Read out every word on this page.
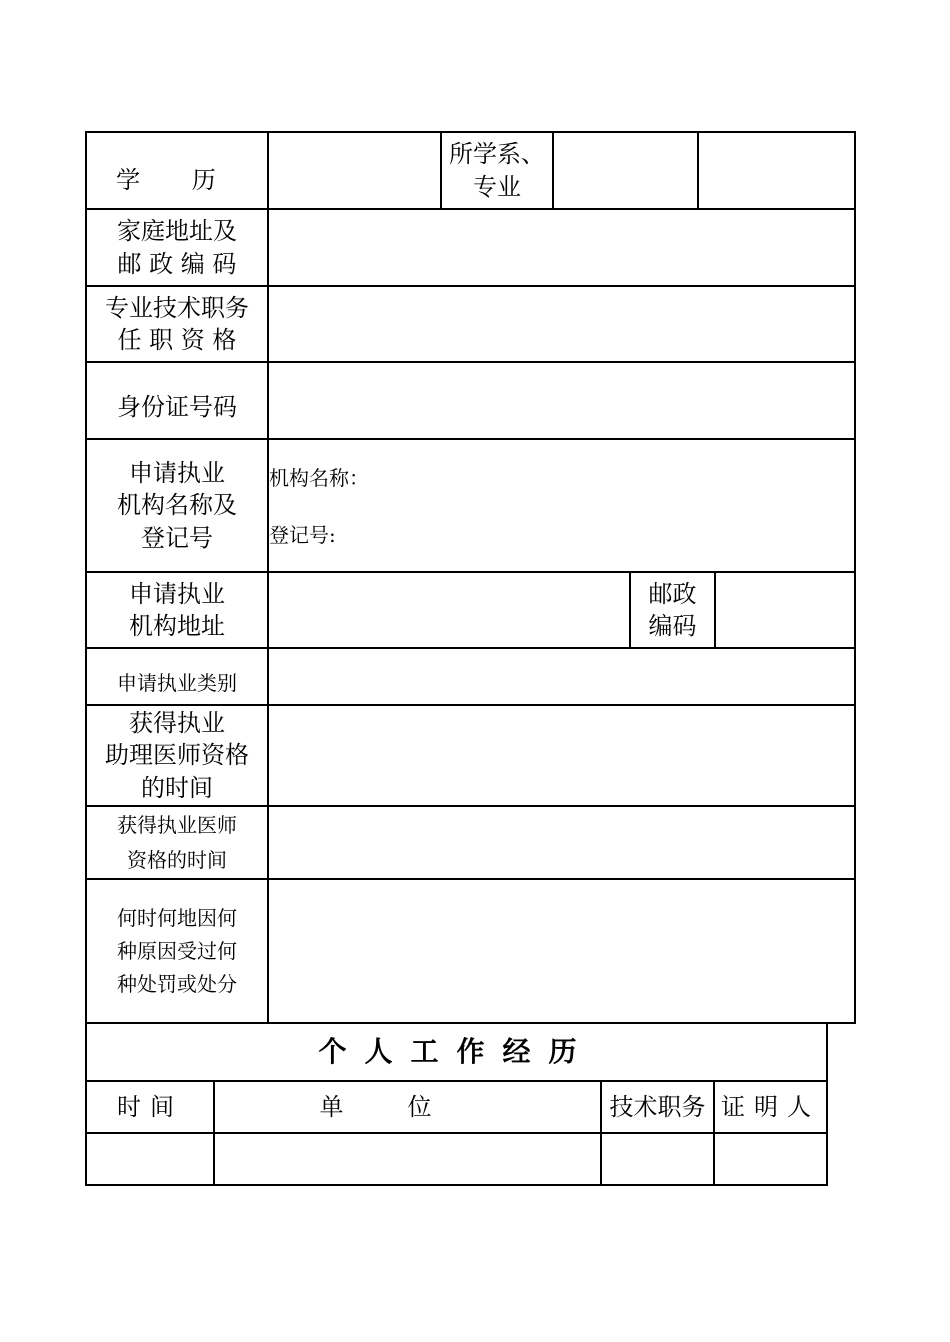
学 历
所学系、
专业
家庭地址及
邮 政 编 码
专业技术职务
任 职 资 格
身份证号码
申请执业
机构名称及
登记号
机构名称：
登记号:
申请执业
机构地址
邮政
编码
申请执业类别
获得执业
助理医师资格
的时间
获得执业医师
资格的时间
何时何地因何
种原因受过何
种处罚或处分
个人工作经历
时间	单位	技术职务 证明人
